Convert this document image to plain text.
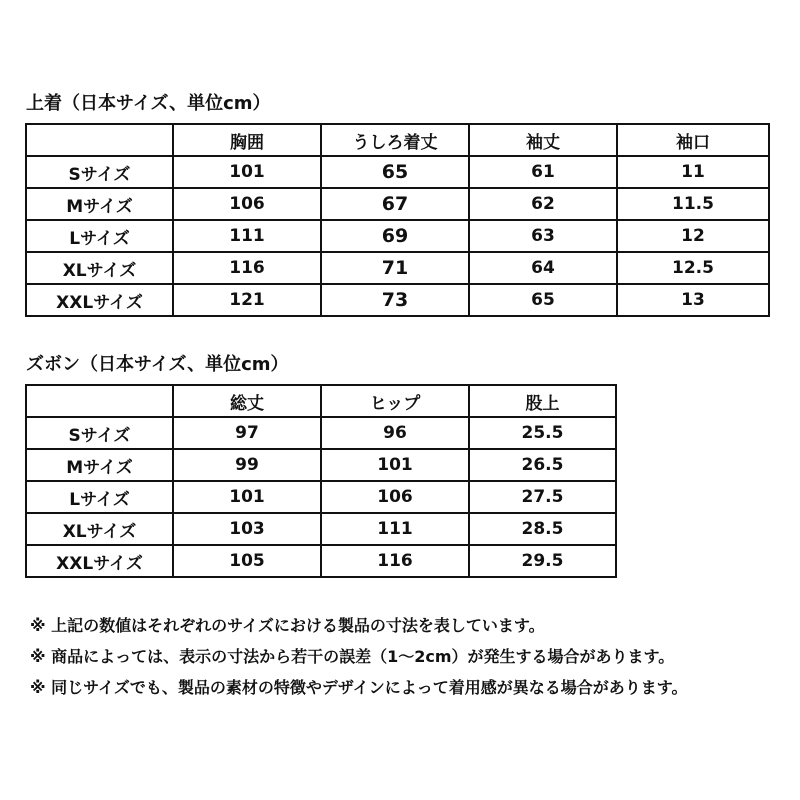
上着（日本サイズ、単位cm）
	胸囲	うしろ着丈	袖丈	袖口
Sサイズ	101	65	61	11
Mサイズ	106	67	62	11.5
Lサイズ	111	69	63	12
XLサイズ	116	71	64	12.5
XXLサイズ	121	73	65	13
ズボン（日本サイズ、単位cm）
	総丈	ヒップ	股上
Sサイズ	97	96	25.5
Mサイズ	99	101	26.5
Lサイズ	101	106	27.5
XLサイズ	103	111	28.5
XXLサイズ	105	116	29.5
※ 上記の数値はそれぞれのサイズにおける製品の寸法を表しています。
※ 商品によっては、表示の寸法から若干の誤差（1～2cm）が発生する場合があります。
※ 同じサイズでも、製品の素材の特徴やデザインによって着用感が異なる場合があります。
